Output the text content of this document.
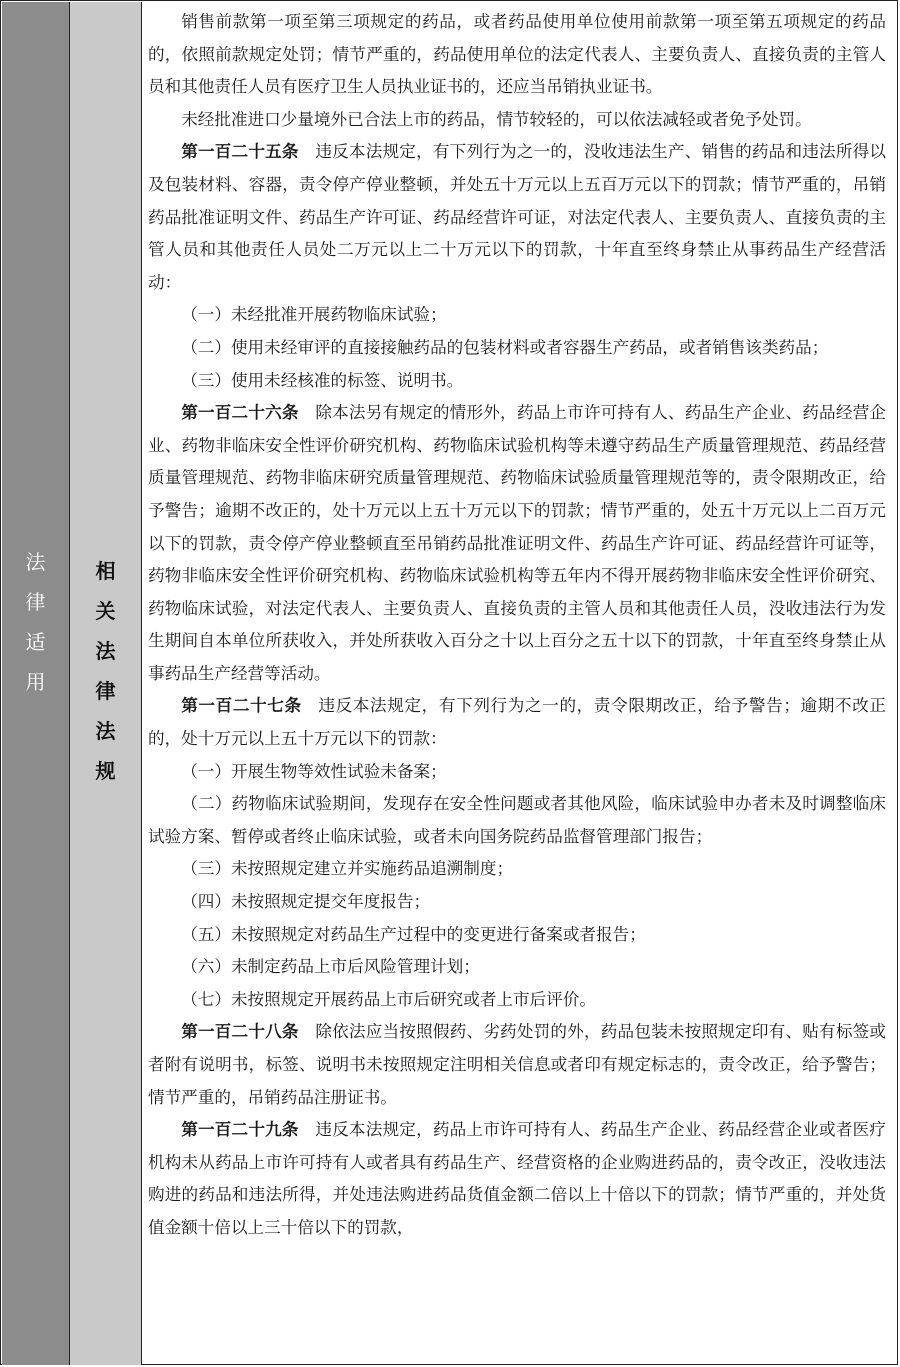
法
律
适
用
相
关
法
律
法
规

销售前款第一项至第三项规定的药品，或者药品使用单位使用前款第一项至第五项规定的药品的，依照前款规定处罚；情节严重的，药品使用单位的法定代表人、主要负责人、直接负责的主管人员和其他责任人员有医疗卫生人员执业证书的，还应当吊销执业证书。

未经批准进口少量境外已合法上市的药品，情节较轻的，可以依法减轻或者免予处罚。

第一百二十五条 违反本法规定，有下列行为之一的，没收违法生产、销售的药品和违法所得以及包装材料、容器，责令停产停业整顿，并处五十万元以上五百万元以下的罚款；情节严重的，吊销药品批准证明文件、药品生产许可证、药品经营许可证，对法定代表人、主要负责人、直接负责的主管人员和其他责任人员处二万元以上二十万元以下的罚款，十年直至终身禁止从事药品生产经营活动：

（一）未经批准开展药物临床试验；

（二）使用未经审评的直接接触药品的包装材料或者容器生产药品，或者销售该类药品；

（三）使用未经核准的标签、说明书。

第一百二十六条 除本法另有规定的情形外，药品上市许可持有人、药品生产企业、药品经营企业、药物非临床安全性评价研究机构、药物临床试验机构等未遵守药品生产质量管理规范、药品经营质量管理规范、药物非临床研究质量管理规范、药物临床试验质量管理规范等的，责令限期改正，给予警告；逾期不改正的，处十万元以上五十万元以下的罚款；情节严重的，处五十万元以上二百万元以下的罚款，责令停产停业整顿直至吊销药品批准证明文件、药品生产许可证、药品经营许可证等，药物非临床安全性评价研究机构、药物临床试验机构等五年内不得开展药物非临床安全性评价研究、药物临床试验，对法定代表人、主要负责人、直接负责的主管人员和其他责任人员，没收违法行为发生期间自本单位所获收入，并处所获收入百分之十以上百分之五十以下的罚款，十年直至终身禁止从事药品生产经营等活动。

第一百二十七条 违反本法规定，有下列行为之一的，责令限期改正，给予警告；逾期不改正的，处十万元以上五十万元以下的罚款：

（一）开展生物等效性试验未备案；

（二）药物临床试验期间，发现存在安全性问题或者其他风险，临床试验申办者未及时调整临床试验方案、暂停或者终止临床试验，或者未向国务院药品监督管理部门报告；

（三）未按照规定建立并实施药品追溯制度；

（四）未按照规定提交年度报告；

（五）未按照规定对药品生产过程中的变更进行备案或者报告；

（六）未制定药品上市后风险管理计划；

（七）未按照规定开展药品上市后研究或者上市后评价。

第一百二十八条 除依法应当按照假药、劣药处罚的外，药品包装未按照规定印有、贴有标签或者附有说明书，标签、说明书未按照规定注明相关信息或者印有规定标志的，责令改正，给予警告；情节严重的，吊销药品注册证书。

第一百二十九条 违反本法规定，药品上市许可持有人、药品生产企业、药品经营企业或者医疗机构未从药品上市许可持有人或者具有药品生产、经营资格的企业购进药品的，责令改正，没收违法购进的药品和违法所得，并处违法购进药品货值金额二倍以上十倍以下的罚款；情节严重的，并处货值金额十倍以上三十倍以下的罚款，
